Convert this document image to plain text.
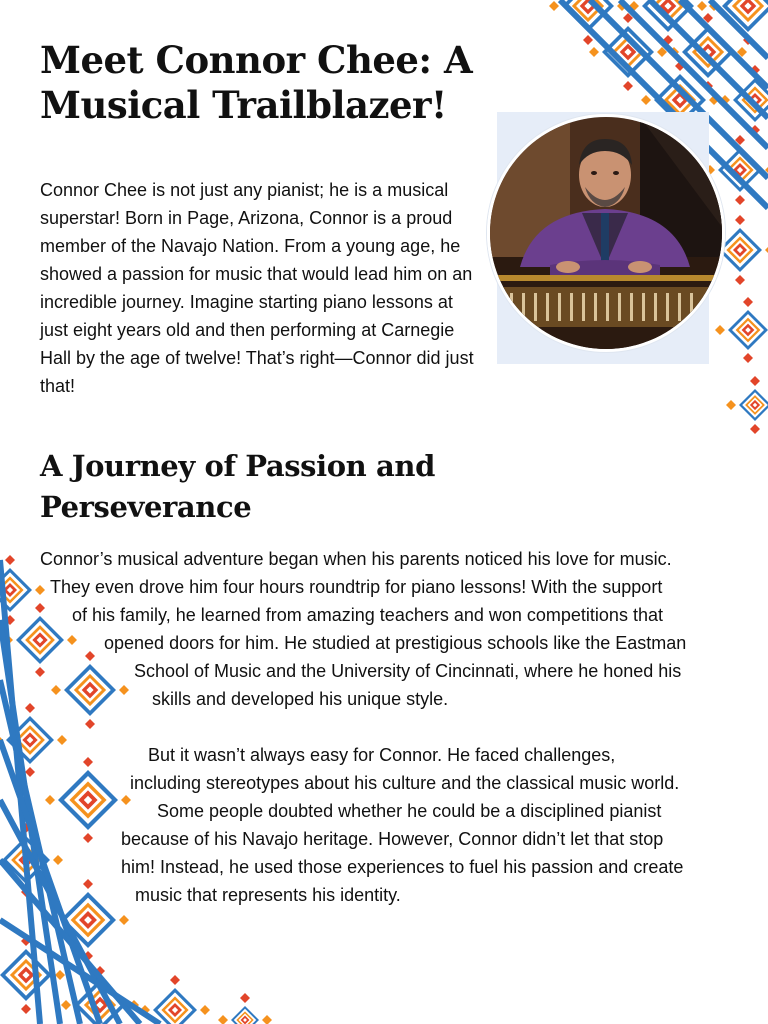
Meet Connor Chee: A Musical Trailblazer!

Connor Chee is not just any pianist; he is a musical superstar! Born in Page, Arizona, Connor is a proud member of the Navajo Nation. From a young age, he showed a passion for music that would lead him on an incredible journey. Imagine starting piano lessons at just eight years old and then performing at Carnegie Hall by the age of twelve! That’s right—Connor did just that!

A Journey of Passion and Perseverance

Connor’s musical adventure began when his parents noticed his love for music.

They even drove him four hours roundtrip for piano lessons! With the support

of his family, he learned from amazing teachers and won competitions that

opened doors for him. He studied at prestigious schools like the Eastman

School of Music and the University of Cincinnati, where he honed his

skills and developed his unique style.

But it wasn’t always easy for Connor. He faced challenges,

including stereotypes about his culture and the classical music world.

Some people doubted whether he could be a disciplined pianist

because of his Navajo heritage. However, Connor didn’t let that stop

him! Instead, he used those experiences to fuel his passion and create

music that represents his identity.
